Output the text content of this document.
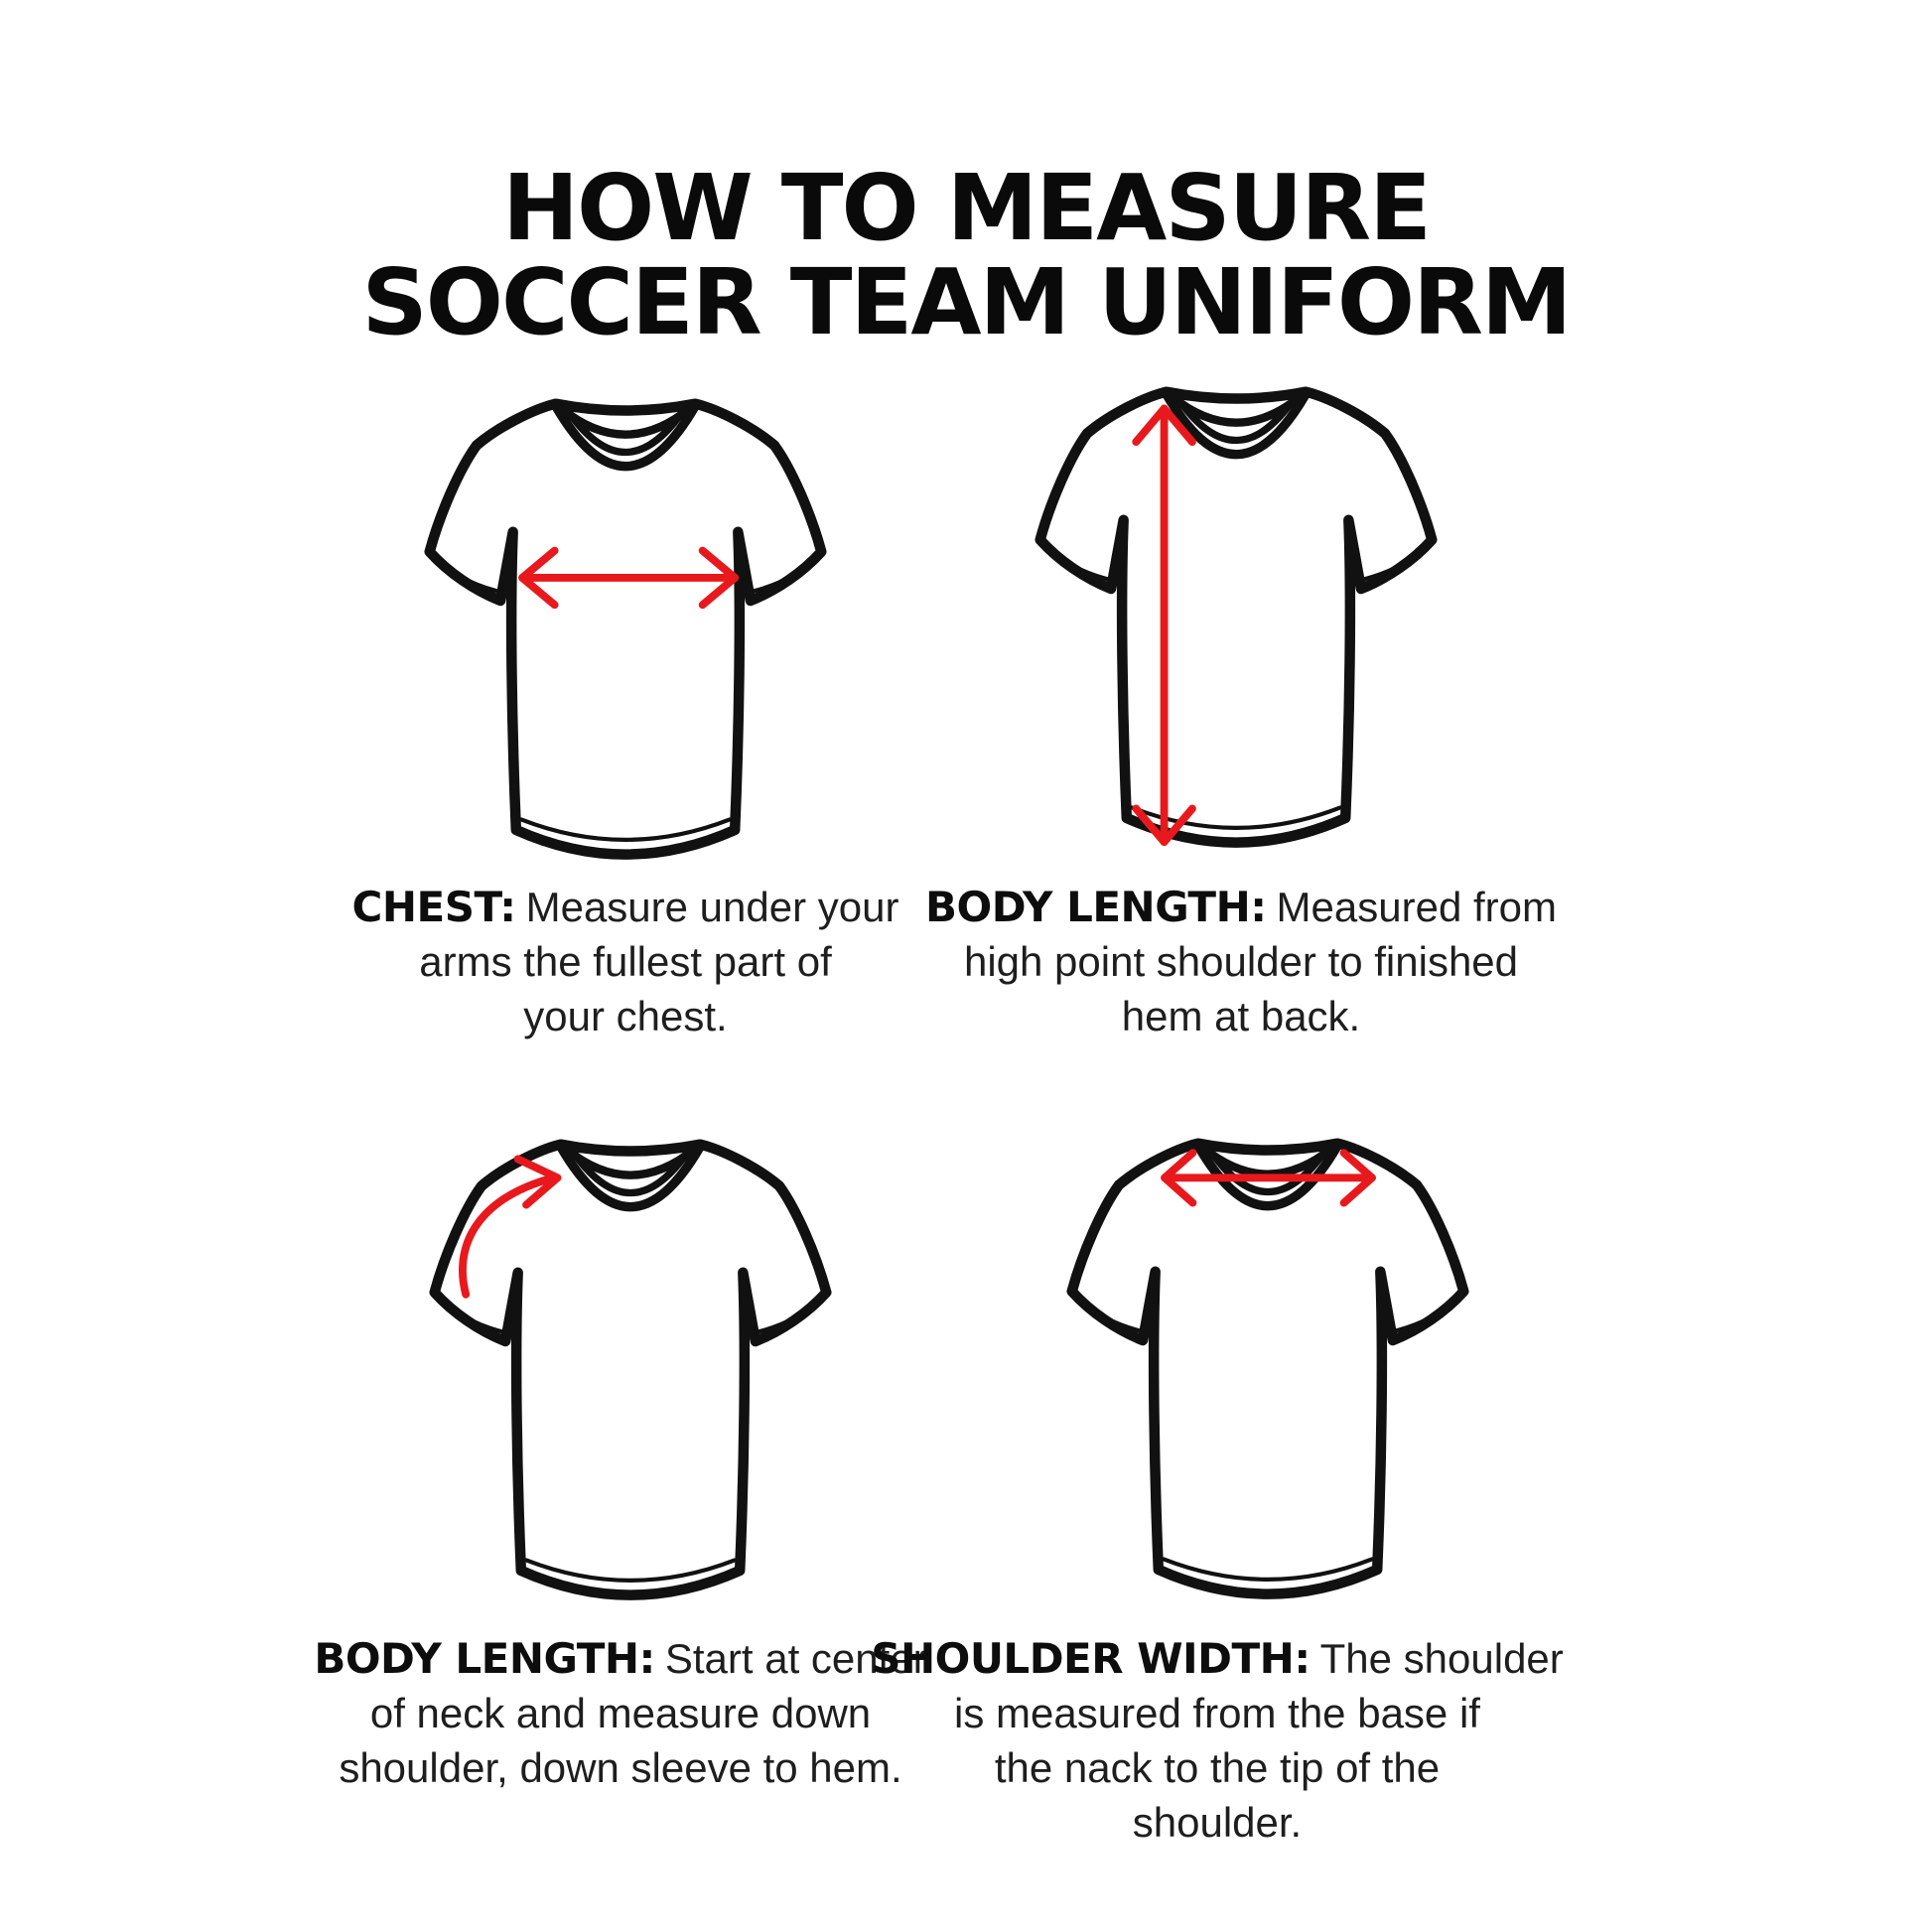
HOW TO MEASURE
SOCCER TEAM UNIFORM
CHEST: Measure under your
arms the fullest part of
your chest.
BODY LENGTH: Measured from
high point shoulder to finished
hem at back.
BODY LENGTH: Start at center
of neck and measure down
shoulder, down sleeve to hem.
SHOULDER WIDTH: The shoulder
is measured from the base if
the nack to the tip of the
shoulder.
